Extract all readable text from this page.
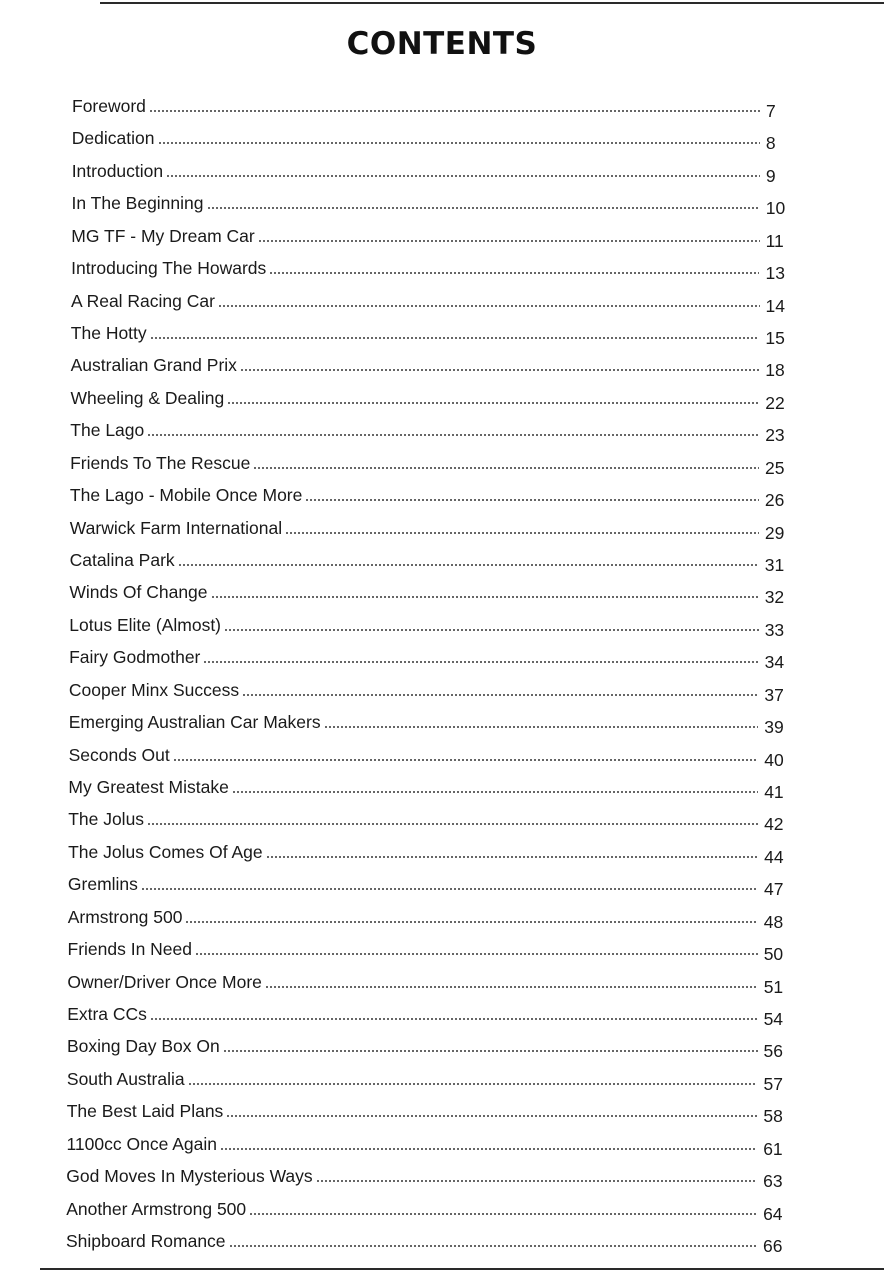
CONTENTS
Foreword	7
Dedication	8
Introduction	9
In The Beginning	10
MG TF - My Dream Car	11
Introducing The Howards	13
A Real Racing Car	14
The Hotty	15
Australian Grand Prix	18
Wheeling & Dealing	22
The Lago	23
Friends To The Rescue	25
The Lago - Mobile Once More	26
Warwick Farm International	29
Catalina Park	31
Winds Of Change	32
Lotus Elite (Almost)	33
Fairy Godmother	34
Cooper Minx Success	37
Emerging Australian Car Makers	39
Seconds Out	40
My Greatest Mistake	41
The Jolus	42
The Jolus Comes Of Age	44
Gremlins	47
Armstrong 500	48
Friends In Need	50
Owner/Driver Once More	51
Extra CCs	54
Boxing Day Box On	56
South Australia	57
The Best Laid Plans	58
1100cc Once Again	61
God Moves In Mysterious Ways	63
Another Armstrong 500	64
Shipboard Romance	66
